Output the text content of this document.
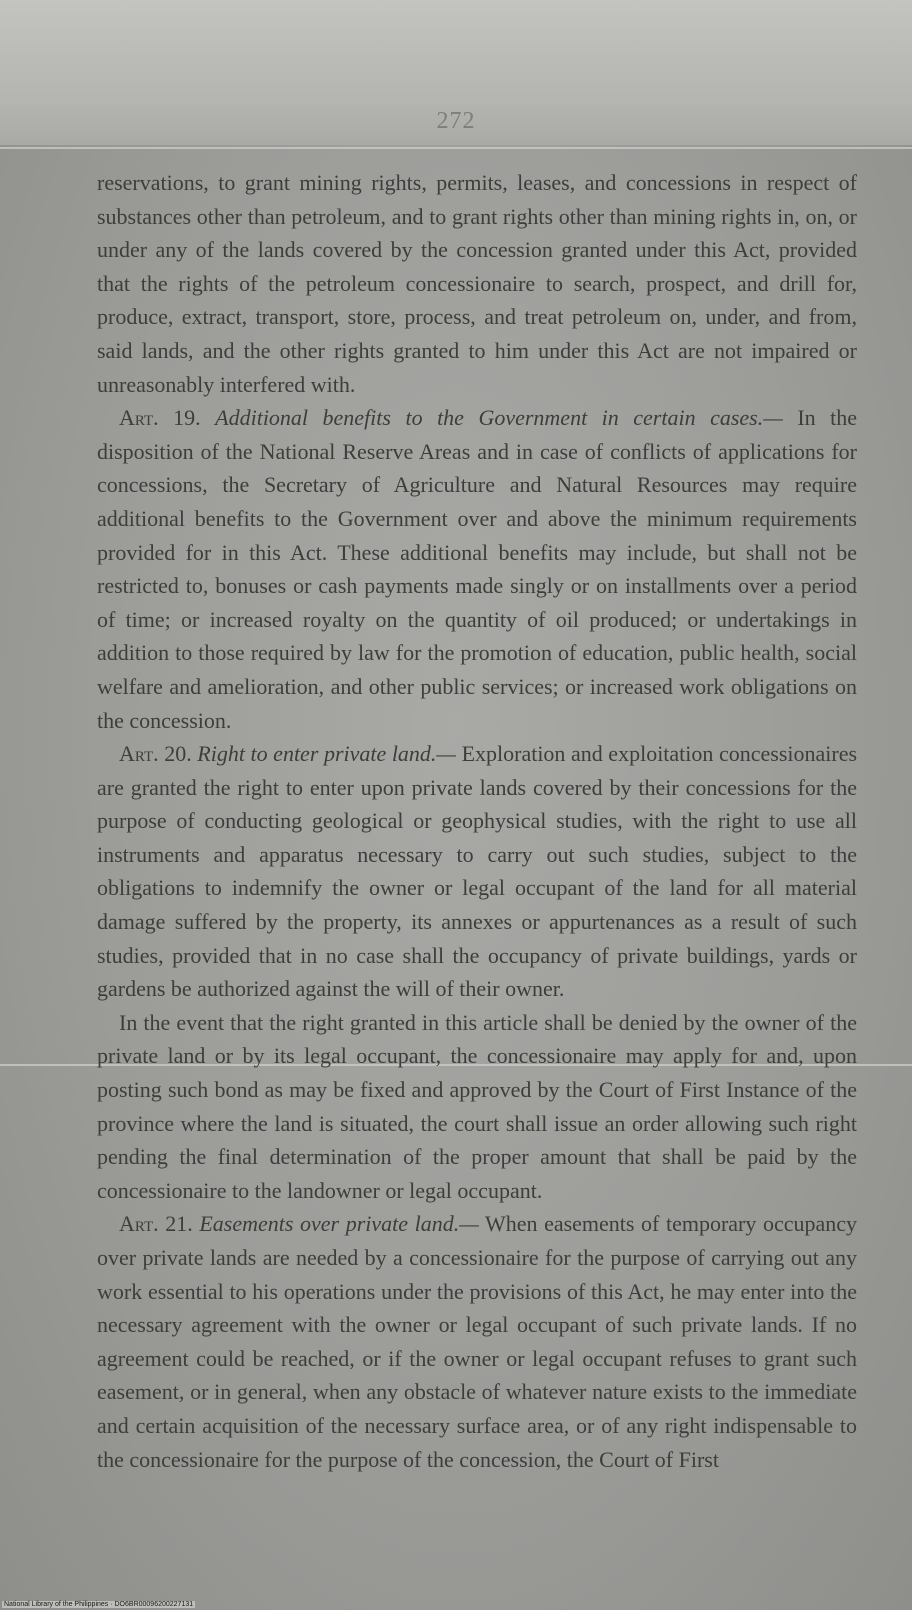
272

reservations, to grant mining rights, permits, leases, and concessions in respect of substances other than petroleum, and to grant rights other than mining rights in, on, or under any of the lands covered by the concession granted under this Act, provided that the rights of the petroleum concessionaire to search, prospect, and drill for, produce, extract, transport, store, process, and treat petroleum on, under, and from, said lands, and the other rights granted to him under this Act are not impaired or unreasonably interfered with.

Art. 19. Additional benefits to the Government in certain cases.— In the disposition of the National Reserve Areas and in case of conflicts of applications for concessions, the Secretary of Agriculture and Natural Resources may require additional benefits to the Government over and above the minimum requirements provided for in this Act. These additional benefits may include, but shall not be restricted to, bonuses or cash payments made singly or on installments over a period of time; or increased royalty on the quantity of oil produced; or undertakings in addition to those required by law for the promotion of education, public health, social welfare and amelioration, and other public services; or increased work obligations on the concession.

Art. 20. Right to enter private land.— Exploration and exploitation concessionaires are granted the right to enter upon private lands covered by their concessions for the purpose of conducting geological or geophysical studies, with the right to use all instruments and apparatus necessary to carry out such studies, subject to the obligations to indemnify the owner or legal occupant of the land for all material damage suffered by the property, its annexes or appurtenances as a result of such studies, provided that in no case shall the occupancy of private buildings, yards or gardens be authorized against the will of their owner.

In the event that the right granted in this article shall be denied by the owner of the private land or by its legal occupant, the concessionaire may apply for and, upon posting such bond as may be fixed and approved by the Court of First Instance of the province where the land is situated, the court shall issue an order allowing such right pending the final determination of the proper amount that shall be paid by the concessionaire to the landowner or legal occupant.

Art. 21. Easements over private land.— When easements of temporary occupancy over private lands are needed by a concessionaire for the purpose of carrying out any work essential to his operations under the provisions of this Act, he may enter into the necessary agreement with the owner or legal occupant of such private lands. If no agreement could be reached, or if the owner or legal occupant refuses to grant such easement, or in general, when any obstacle of whatever nature exists to the immediate and certain acquisition of the necessary surface area, or of any right indispensable to the concessionaire for the purpose of the concession, the Court of First

National Library of the Philippines · DO6BR00096200227131
